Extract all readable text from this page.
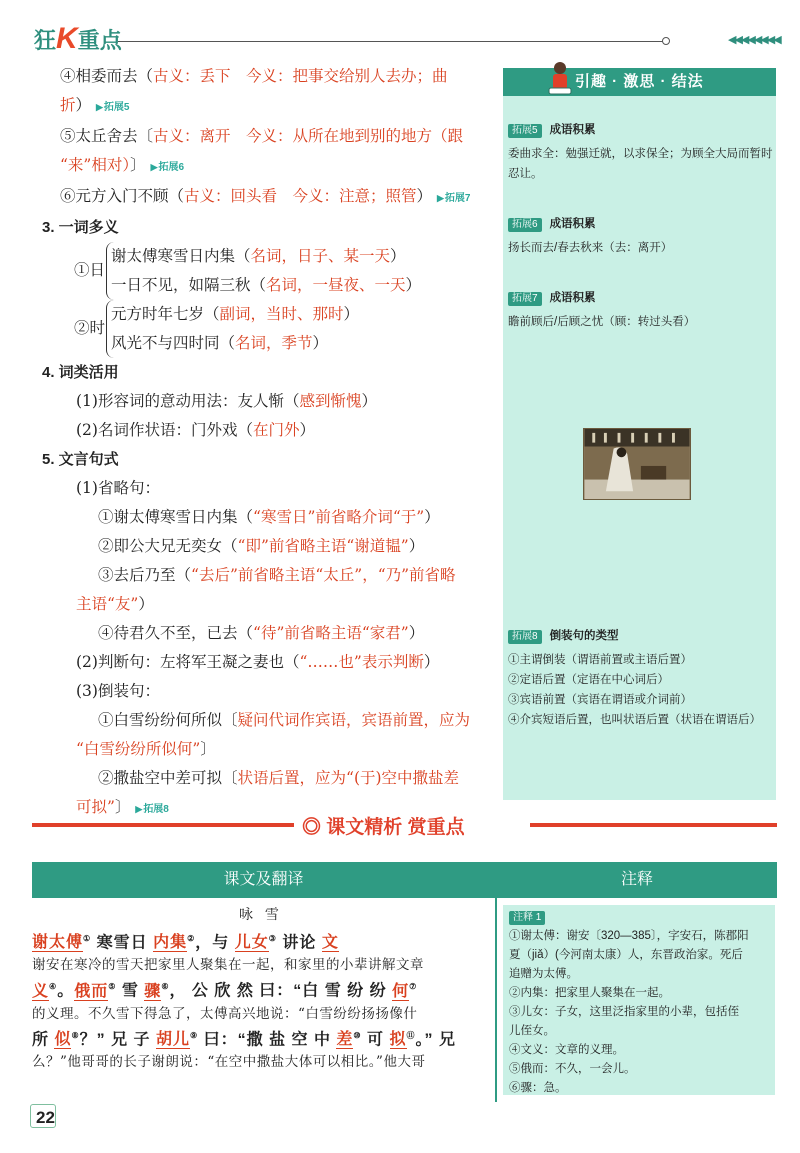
狂K重点	◀◀◀◀◀◀◀◀
④相委而去（古义：丢下　今义：把事交给别人去办；曲
折） ▶ 拓展5
⑤太丘舍去〔古义：离开　今义：从所在地到别的地方（跟
“来”相对）〕 ▶ 拓展6
⑥元方入门不顾（古义：回头看　今义：注意；照管） ▶ 拓展7
3. 一词多义
①日
谢太傅寒雪日内集（名词，日子、某一天）
一日不见，如隔三秋（名词，一昼夜、一天）
②时
元方时年七岁（副词，当时、那时）
风光不与四时同（名词，季节）
4. 词类活用
(1)形容词的意动用法：友人惭（感到惭愧）
(2)名词作状语：门外戏（在门外）
5. 文言句式
(1)省略句：
①谢太傅寒雪日内集（“寒雪日”前省略介词“于”）
②即公大兄无奕女（“即”前省略主语“谢道韫”）
③去后乃至（“去后”前省略主语“太丘”，“乃”前省略
主语“友”）
④待君久不至，已去（“待”前省略主语“家君”）
(2)判断句：左将军王凝之妻也（“……也”表示判断）
(3)倒装句：
①白雪纷纷何所似〔疑问代词作宾语，宾语前置，应为
“白雪纷纷所似何”〕
②撒盐空中差可拟〔状语后置，应为“(于)空中撒盐差
可拟”〕 ▶ 拓展8
引趣 · 激思 · 结法
拓展5 成语积累
委曲求全：勉强迁就，以求保全；为顾全大局而暂时忍让。
拓展6 成语积累
扬长而去/春去秋来（去：离开）
拓展7 成语积累
瞻前顾后/后顾之忧（顾：转过头看）
拓展8 倒装句的类型
①主谓倒装（谓语前置或主语后置）
②定语后置（定语在中心词后）
③宾语前置（宾语在谓语或介词前）
④介宾短语后置，也叫状语后置（状语在谓语后）
◎ 课文精析 赏重点
课文及翻译	注释
咏 雪
谢太傅① 寒雪日 内集②，与 儿女③ 讲论 文
谢安在寒冷的雪天把家里人聚集在一起，和家里的小辈讲解文章
义④。俄而⑤ 雪 骤⑥， 公 欣 然 曰：“白 雪 纷 纷 何⑦
的义理。不久雪下得急了，太傅高兴地说：“白雪纷纷扬扬像什
所 似⑧？” 兄 子 胡儿⑨ 曰：“撒 盐 空 中 差⑩ 可 拟⑪。” 兄
么？”他哥哥的长子谢朗说：“在空中撒盐大体可以相比。”他大哥
注释 1
①谢太傅：谢安〔320—385〕，字安石，陈郡阳
夏（jiǎ）(今河南太康）人，东晋政治家。死后
追赠为太傅。
②内集：把家里人聚集在一起。
③儿女：子女，这里泛指家里的小辈，包括侄
儿侄女。
④文义：文章的义理。
⑤俄而：不久，一会儿。
⑥骤：急。
22
